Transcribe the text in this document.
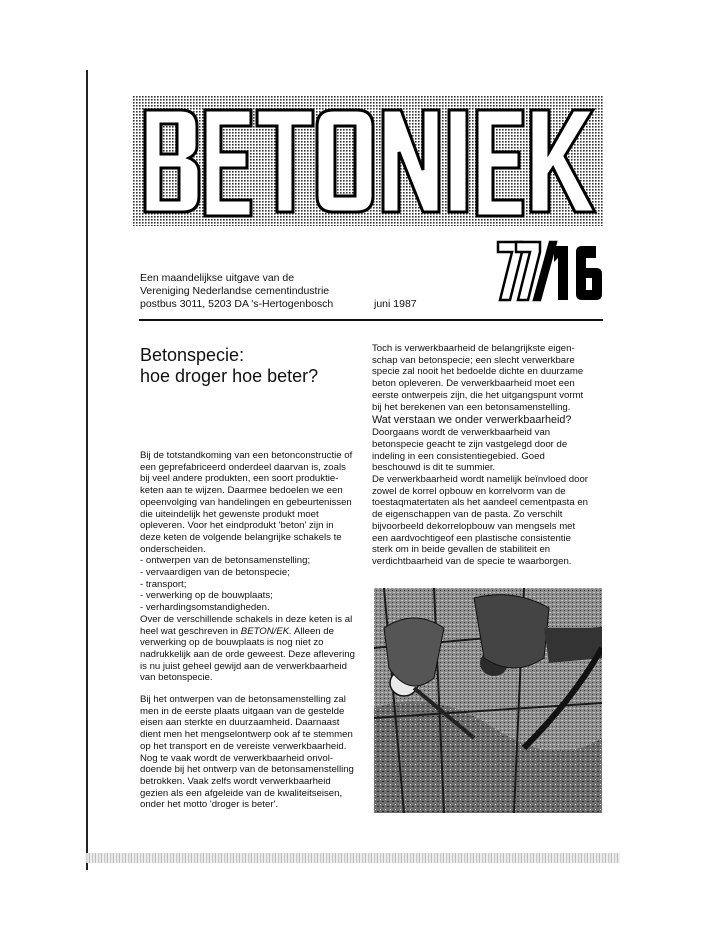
Een maandelijkse uitgave van de
Vereniging Nederlandse cementindustrie
postbus 3011, 5203 DA 's-Hertogenbosch	juni 1987
Betonspecie:
hoe droger hoe beter?

Bij de totstandkoming van een betonconstructie of

een geprefabriceerd onderdeel daarvan is, zoals

bij veel andere produkten, een soort produktie-

keten aan te wijzen. Daarmee bedoelen we een

opeenvolging van handelingen en gebeurtenissen

die uiteindelijk het gewenste produkt moet

opleveren. Voor het eindprodukt 'beton' zijn in

deze keten de volgende belangrijke schakels te

onderscheiden.

- ontwerpen van de betonsamenstelling;

- vervaardigen van de betonspecie;

- transport;

- verwerking op de bouwplaats;

- verhardingsomstandigheden.

Over de verschillende schakels in deze keten is al

heel wat geschreven in BETON/EK. Alleen de

verwerking op de bouwplaats is nog niet zo

nadrukkelijk aan de orde geweest. Deze aflevering

is nu juist geheel gewijd aan de verwerkbaarheid

van betonspecie.

Bij het ontwerpen van de betonsamenstelling zal

men in de eerste plaats uitgaan van de gestelde

eisen aan sterkte en duurzaamheid. Daarnaast

dient men het mengselontwerp ook af te stemmen

op het transport en de vereiste verwerkbaarheid.

Nog te vaak wordt de verwerkbaarheid onvol-

doende bij het ontwerp van de betonsamenstelling

betrokken. Vaak zelfs wordt verwerkbaarheid

gezien als een afgeleide van de kwaliteitseisen,

onder het motto 'droger is beter'.

Toch is verwerkbaarheid de belangrijkste eigen-

schap van betonspecie; een slecht verwerkbare

specie zal nooit het bedoelde dichte en duurzame

beton opleveren. De verwerkbaarheid moet een

eerste ontwerpeis zijn, die het uitgangspunt vormt

bij het berekenen van een betonsamenstelling.

Wat verstaan we onder verwerkbaarheid?

Doorgaans wordt de verwerkbaarheid van

betonspecie geacht te zijn vastgelegd door de

indeling in een consistentiegebied. Goed

beschouwd is dit te summier.

De verwerkbaarheid wordt namelijk beïnvloed door

zowel de korrel opbouw en korrelvorm van de

toestaqmatertaten als het aandeel cementpasta en

de eigenschappen van de pasta. Zo verschilt

bijvoorbeeld dekorrelopbouw van mengsels met

een aardvochtigeof een plastische consistentie

sterk om in beide gevallen de stabiliteit en

verdichtbaarheid van de specie te waarborgen.
